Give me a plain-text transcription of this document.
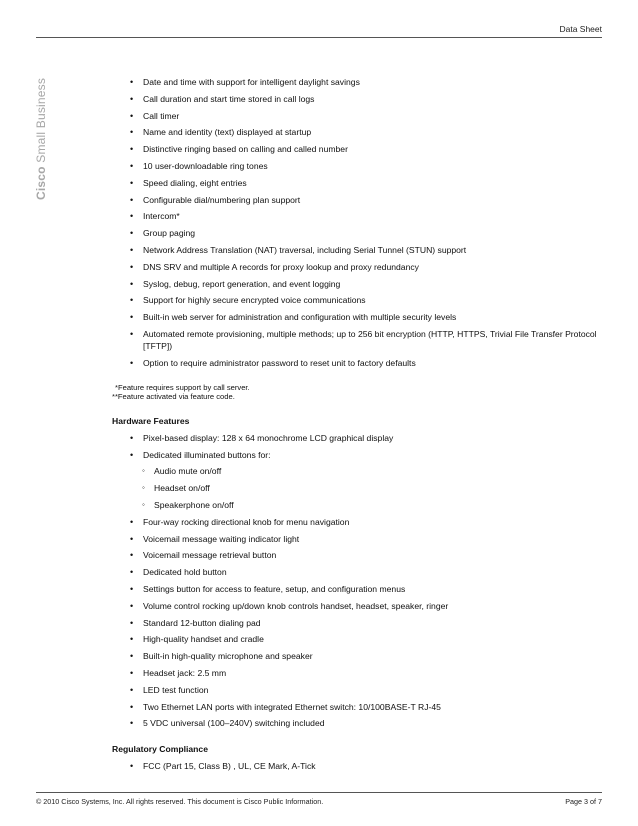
Data Sheet
Cisco Small Business
•	Date and time with support for intelligent daylight savings
• Call duration and start time stored in call logs
• Call timer
• Name and identity (text) displayed at startup
• Distinctive ringing based on calling and called number
• 10 user-downloadable ring tones
• Speed dialing, eight entries
• Configurable dial/numbering plan support
• Intercom*
• Group paging
• Network Address Translation (NAT) traversal, including Serial Tunnel (STUN) support
• DNS SRV and multiple A records for proxy lookup and proxy redundancy
• Syslog, debug, report generation, and event logging
• Support for highly secure encrypted voice communications
• Built-in web server for administration and configuration with multiple security levels
• Automated remote provisioning, multiple methods; up to 256 bit encryption (HTTP, HTTPS, Trivial File Transfer Protocol [TFTP])
• Option to require administrator password to reset unit to factory defaults

*Feature requires support by call server.

**Feature activated via feature code.

Hardware Features
• Pixel-based display: 128 x 64 monochrome LCD graphical display
• Dedicated illuminated buttons for:
◦ Audio mute on/off
◦ Headset on/off
◦ Speakerphone on/off
• Four-way rocking directional knob for menu navigation
• Voicemail message waiting indicator light
• Voicemail message retrieval button
• Dedicated hold button
• Settings button for access to feature, setup, and configuration menus
• Volume control rocking up/down knob controls handset, headset, speaker, ringer
• Standard 12-button dialing pad
• High-quality handset and cradle
• Built-in high-quality microphone and speaker
• Headset jack: 2.5 mm
• LED test function
• Two Ethernet LAN ports with integrated Ethernet switch: 10/100BASE-T RJ-45
• 5 VDC universal (100–240V) switching included
Regulatory Compliance
• FCC (Part 15, Class B) , UL, CE Mark, A-Tick
© 2010 Cisco Systems, Inc. All rights reserved. This document is Cisco Public Information.	Page 3 of 7
